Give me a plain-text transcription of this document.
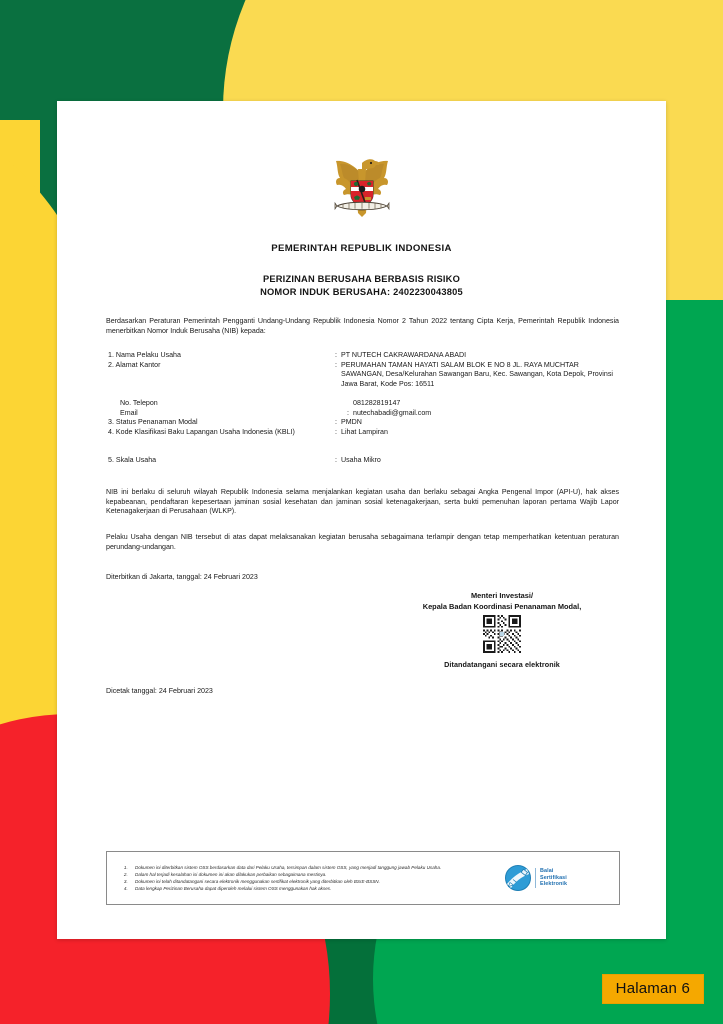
PEMERINTAH REPUBLIK INDONESIA
PERIZINAN BERUSAHA BERBASIS RISIKO
NOMOR INDUK BERUSAHA: 2402230043805
Berdasarkan Peraturan Pemerintah Pengganti Undang-Undang Republik Indonesia Nomor 2 Tahun 2022 tentang Cipta Kerja, Pemerintah Republik Indonesia menerbitkan Nomor Induk Berusaha (NIB) kepada:
1. Nama Pelaku Usaha	: PT NUTECH CAKRAWARDANA ABADI
2. Alamat Kantor	: PERUMAHAN TAMAN HAYATI SALAM BLOK E NO 8 JL. RAYA MUCHTAR SAWANGAN, Desa/Kelurahan Sawangan Baru, Kec. Sawangan, Kota Depok, Provinsi Jawa Barat, Kode Pos: 16511
No. Telepon	081282819147
Email	: nutechabadi@gmail.com
3. Status Penanaman Modal	: PMDN
4. Kode Klasifikasi Baku Lapangan Usaha Indonesia (KBLI)	: Lihat Lampiran
5. Skala Usaha	: Usaha Mikro
NIB ini berlaku di seluruh wilayah Republik Indonesia selama menjalankan kegiatan usaha dan berlaku sebagai Angka Pengenal Impor (API-U), hak akses kepabeanan, pendaftaran kepesertaan jaminan sosial kesehatan dan jaminan sosial ketenagakerjaan, serta bukti pemenuhan laporan pertama Wajib Lapor Ketenagakerjaan di Perusahaan (WLKP).
Pelaku Usaha dengan NIB tersebut di atas dapat melaksanakan kegiatan berusaha sebagaimana terlampir dengan tetap memperhatikan ketentuan peraturan perundang-undangan.
Diterbitkan di Jakarta, tanggal: 24 Februari 2023
Menteri Investasi/
Kepala Badan Koordinasi Penanaman Modal,
Ditandatangani secara elektronik
Dicetak tanggal: 24 Februari 2023
1. Dokumen ini diterbitkan sistem OSS berdasarkan data dari Pelaku Usaha, tersimpan dalam sistem OSS, yang menjadi tanggung jawab Pelaku Usaha.
2. Dalam hal terjadi kesalahan isi dokumen ini akan dilakukan perbaikan sebagaimana mestinya.
3. Dokumen ini telah ditandatangani secara elektronik menggunakan sertifikat elektronik yang diterbitkan oleh BSrE-BSSN.
4. Data lengkap Perizinan Berusaha dapat diperoleh melalui sistem OSS menggunakan hak akses.
Balai
Sertifikasi
Elektronik
Halaman 6
